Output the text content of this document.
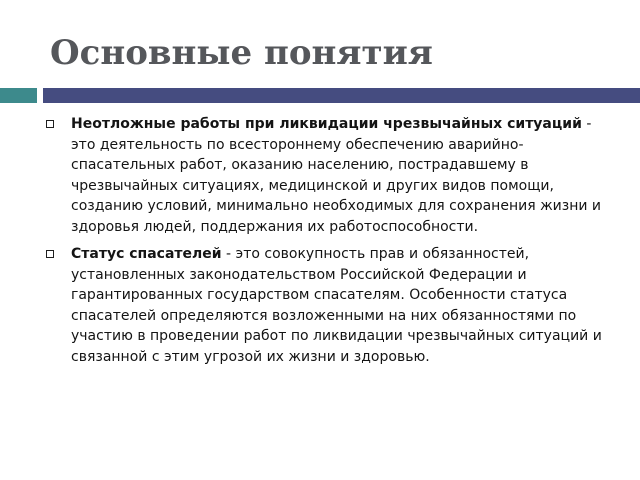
Основные понятия
Неотложные работы при ликвидации чрезвычайных ситуаций - это деятельность по всестороннему обеспечению аварийно-спасательных работ, оказанию населению, пострадавшему в чрезвычайных ситуациях, медицинской и других видов помощи, созданию условий, минимально необходимых для сохранения жизни и здоровья людей, поддержания их работоспособности.
Статус спасателей - это совокупность прав и обязанностей, установленных законодательством Российской Федерации и гарантированных государством спасателям. Особенности статуса спасателей определяются возложенными на них обязанностями по участию в проведении работ по ликвидации чрезвычайных ситуаций и связанной с этим угрозой их жизни и здоровью.
